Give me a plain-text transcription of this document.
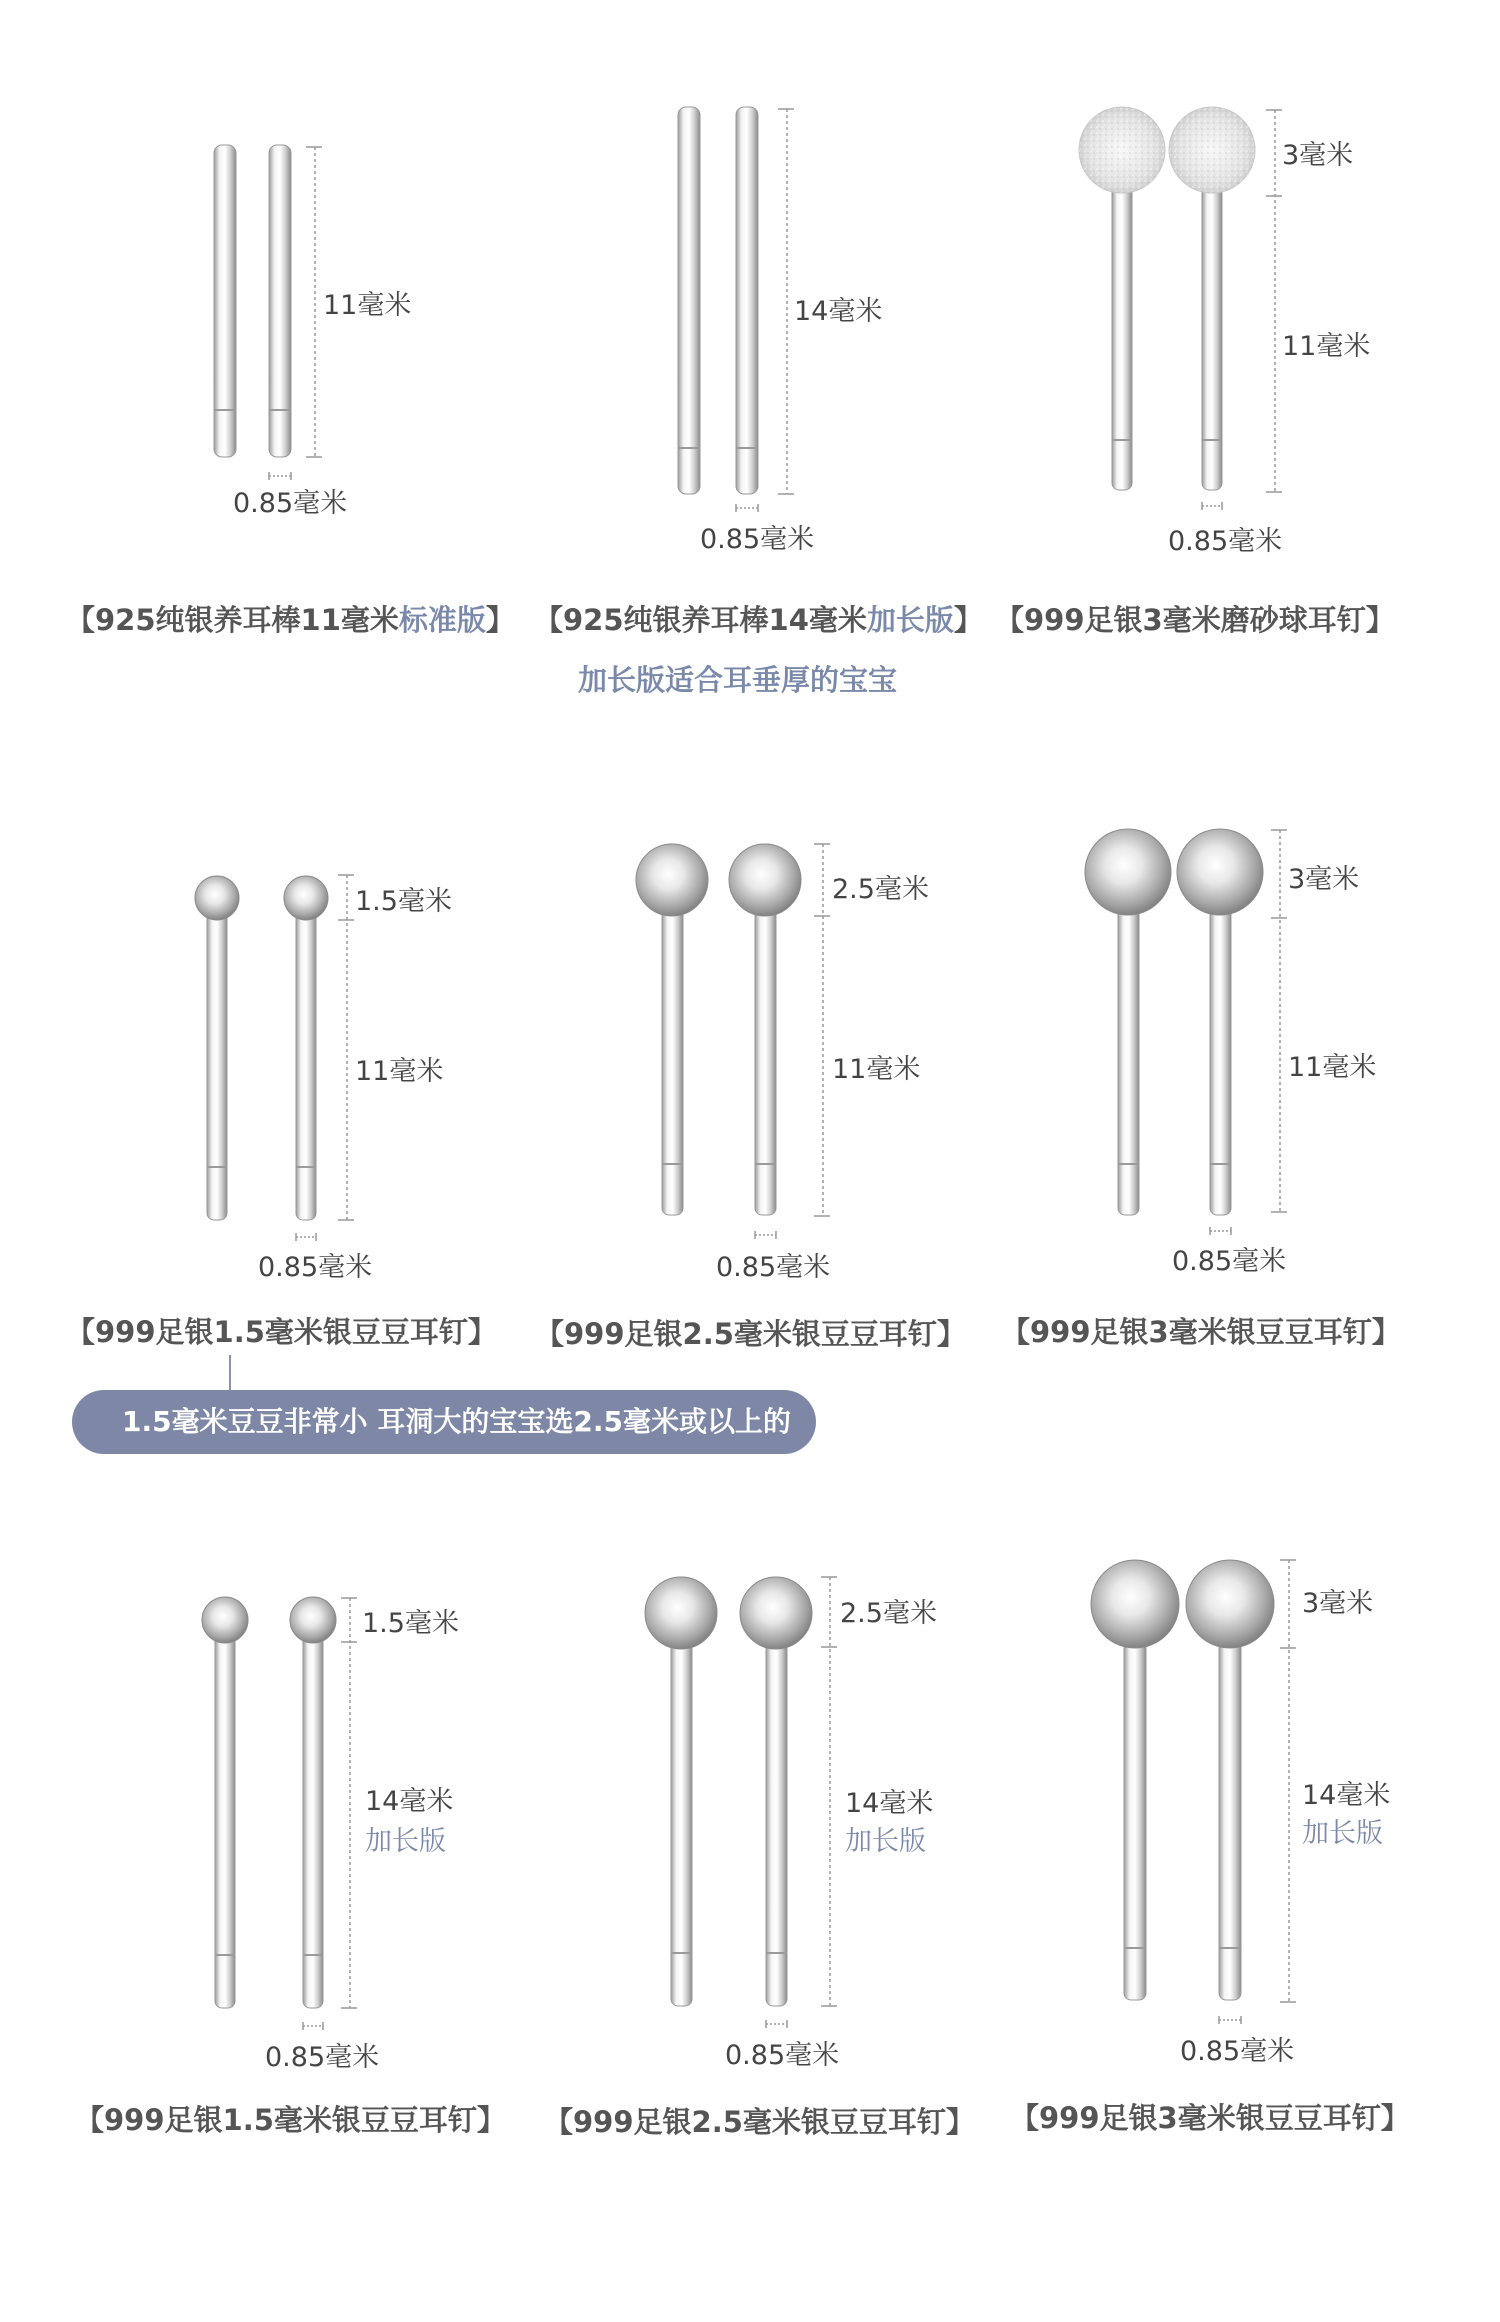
11毫米
0.85毫米
14毫米
0.85毫米
3毫米
11毫米
0.85毫米
【925纯银养耳棒11毫米标准版】 【925纯银养耳棒14毫米加长版】 【999足银3毫米磨砂球耳钉】
加长版适合耳垂厚的宝宝
1.5毫米
11毫米
0.85毫米
2.5毫米
11毫米
0.85毫米
3毫米
11毫米
0.85毫米
【999足银1.5毫米银豆豆耳钉】 【999足银2.5毫米银豆豆耳钉】 【999足银3毫米银豆豆耳钉】
1.5毫米豆豆非常小 耳洞大的宝宝选2.5毫米或以上的
1.5毫米
14毫米
加长版
0.85毫米
2.5毫米
14毫米
加长版
0.85毫米
3毫米
14毫米
加长版
0.85毫米
【999足银1.5毫米银豆豆耳钉】 【999足银2.5毫米银豆豆耳钉】 【999足银3毫米银豆豆耳钉】
